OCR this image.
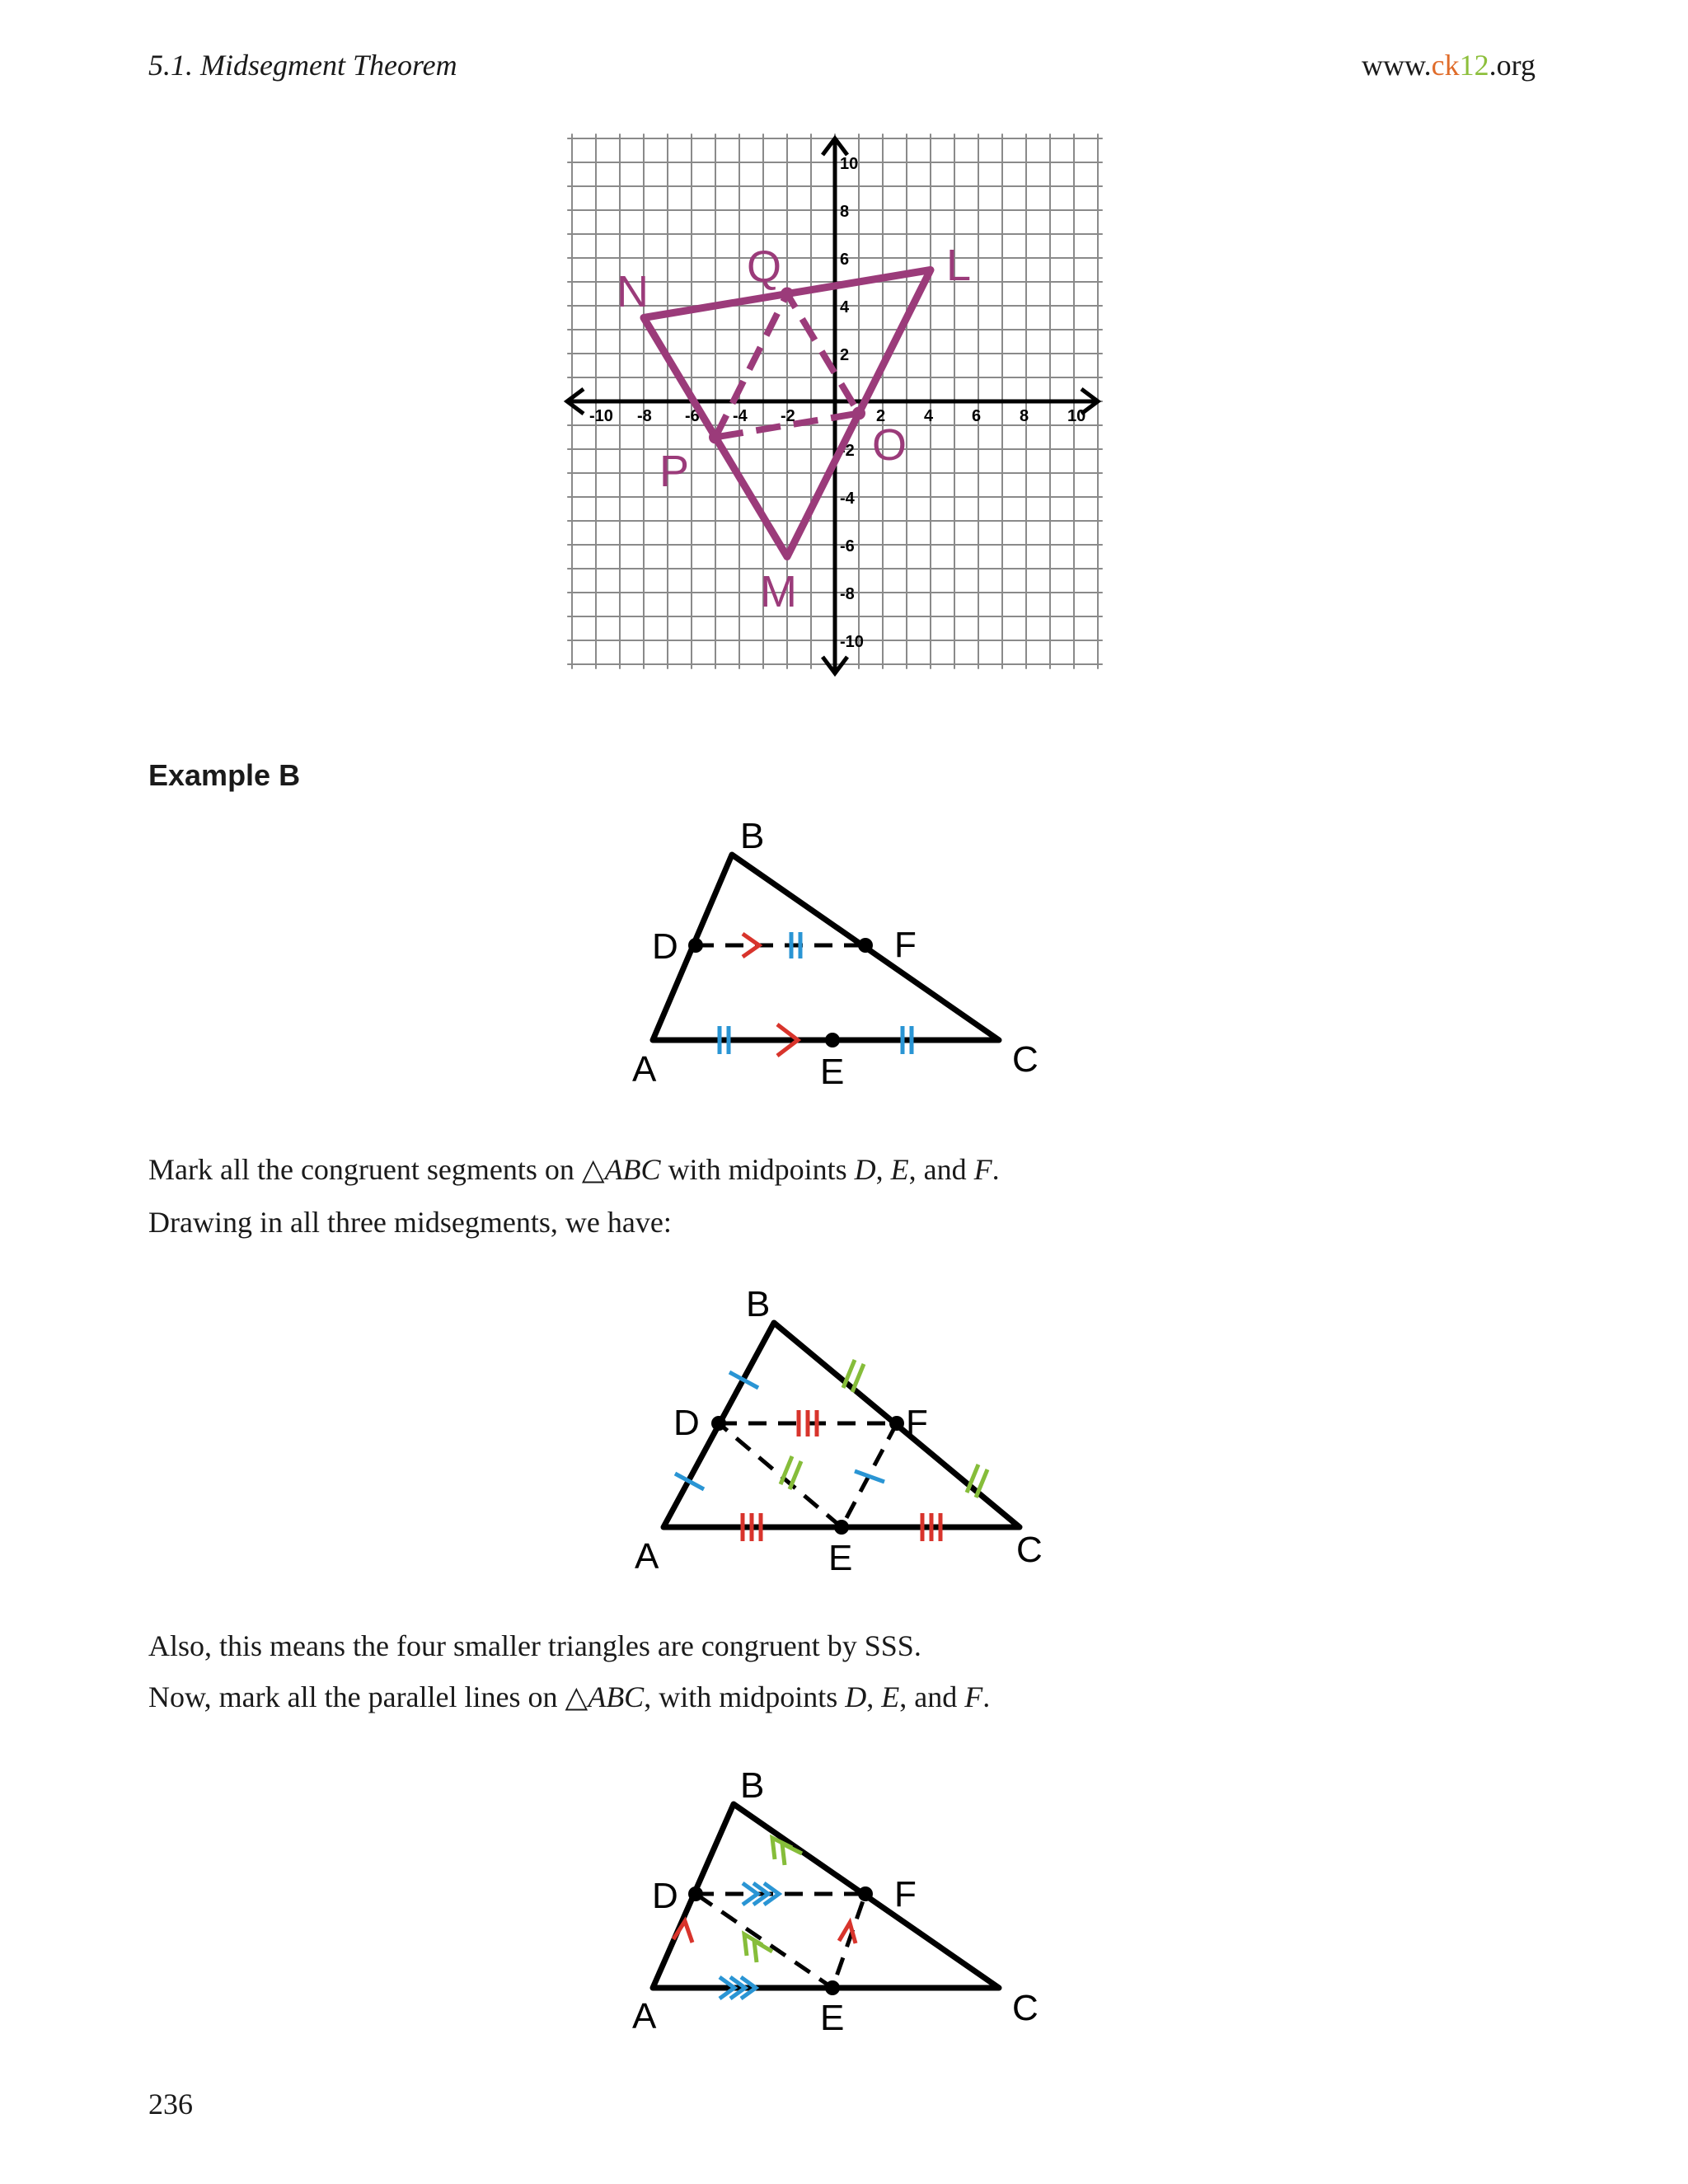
5.1. Midsegment Theorem	www.ck12.org
-10 -8 -6 -4 -2	2 4 6 8 10
10
8
6
4
2
-2
-4
-6
-8
-10
N Q	L
P
O
M
Example B
B
D	F
A	E	C
Mark all the congruent segments on △ABC with midpoints D, E, and F.
Drawing in all three midsegments, we have:
B
D	F
A	E	C
Also, this means the four smaller triangles are congruent by SSS.
Now, mark all the parallel lines on △ABC, with midpoints D, E, and F.
B
D	F
A	E	C
236
